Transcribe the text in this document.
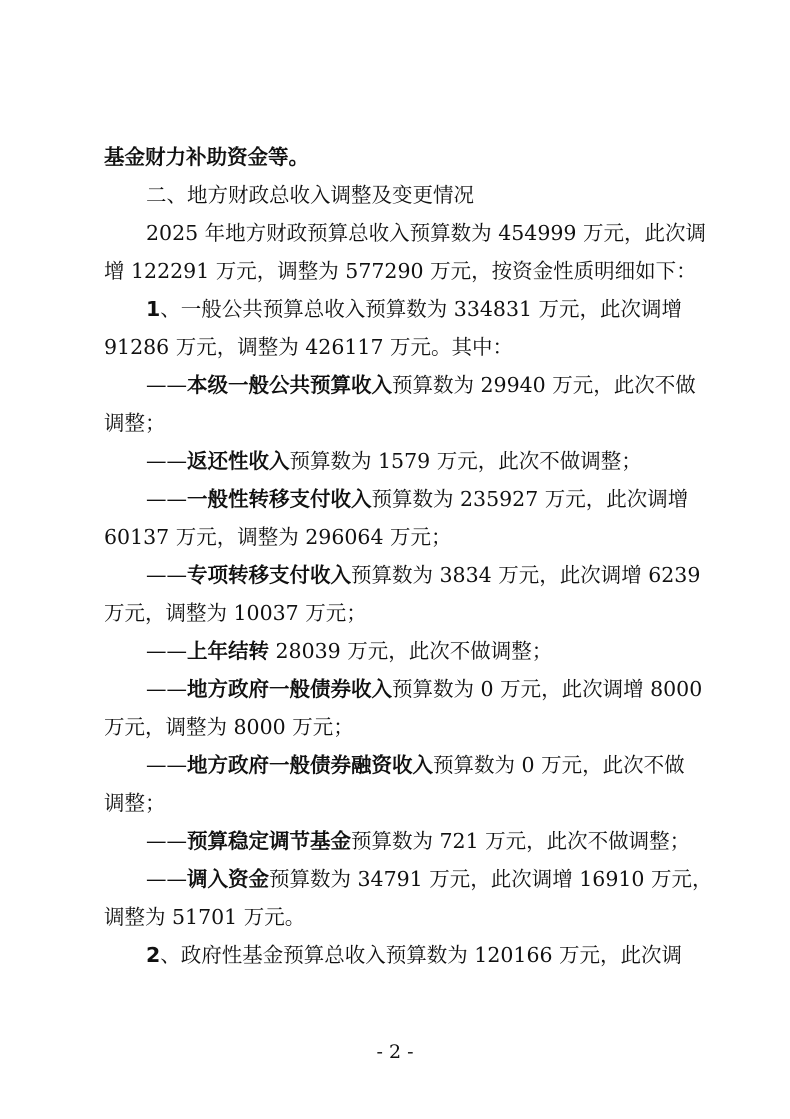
基金财力补助资金等。

二、地方财政总收入调整及变更情况

2025 年地方财政预算总收入预算数为 454999 万元，此次调

增 122291 万元，调整为 577290 万元，按资金性质明细如下：

1、一般公共预算总收入预算数为 334831 万元，此次调增

91286 万元，调整为 426117 万元。其中：

——本级一般公共预算收入预算数为 29940 万元，此次不做

调整；

——返还性收入预算数为 1579 万元，此次不做调整；

——一般性转移支付收入预算数为 235927 万元，此次调增

60137 万元，调整为 296064 万元；

——专项转移支付收入预算数为 3834 万元，此次调增 6239

万元，调整为 10037 万元；

——上年结转 28039 万元，此次不做调整；

——地方政府一般债券收入预算数为 0 万元，此次调增 8000

万元，调整为 8000 万元；

——地方政府一般债券融资收入预算数为 0 万元，此次不做

调整；

——预算稳定调节基金预算数为 721 万元，此次不做调整；

——调入资金预算数为 34791 万元，此次调增 16910 万元，

调整为 51701 万元。

2、政府性基金预算总收入预算数为 120166 万元，此次调

- 2 -
